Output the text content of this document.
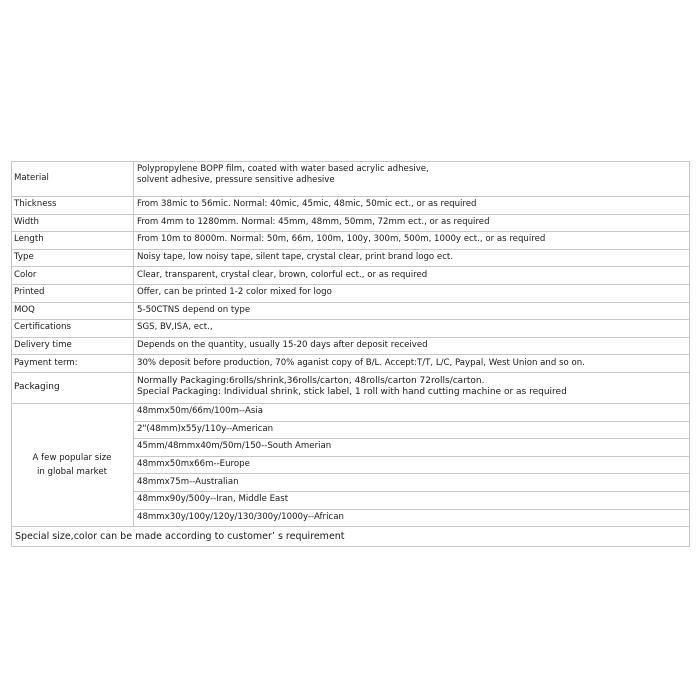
Material	Polypropylene BOPP film, coated with water based acrylic adhesive,
solvent adhesive, pressure sensitive adhesive

Thickness	From 38mic to 56mic. Normal: 40mic, 45mic, 48mic, 50mic ect., or as required
Width	From 4mm to 1280mm. Normal: 45mm, 48mm, 50mm, 72mm ect., or as required
Length	From 10m to 8000m. Normal: 50m, 66m, 100m, 100y, 300m, 500m, 1000y ect., or as required
Type	Noisy tape, low noisy tape, silent tape, crystal clear, print brand logo ect.
Color	Clear, transparent, crystal clear, brown, colorful ect., or as required
Printed	Offer, can be printed 1-2 color mixed for logo
MOQ	5-50CTNS depend on type
Certifications	SGS, BV,ISA, ect.,
Delivery time	Depends on the quantity, usually 15-20 days after deposit received
Payment term:	30% deposit before production, 70% aganist copy of B/L. Accept:T/T, L/C, Paypal, West Union and so on.
Packaging	Normally Packaging:6rolls/shrink,36rolls/carton, 48rolls/carton 72rolls/carton.
Special Packaging: Individual shrink, stick label, 1 roll with hand cutting machine or as required

A few popular size
in global market	48mmx50m/66m/100m--Asia
	2"(48mm)x55y/110y--American
	45mm/48mmx40m/50m/150--South Amerian
	48mmx50mx66m--Europe
	48mmx75m--Australian
	48mmx90y/500y--Iran, Middle East
	48mmx30y/100y/120y/130/300y/1000y--African
Special size,color can be made according to customer’ s requirement	
